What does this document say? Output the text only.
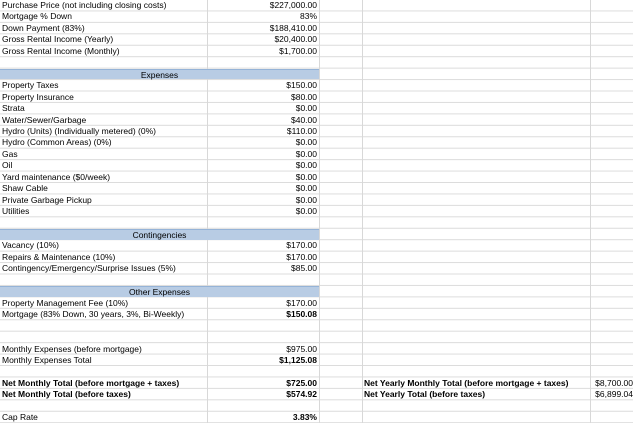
Purchase Price (not including closing costs)	$227,000.00
Mortgage % Down	83%
Down Payment (83%)	$188,410.00
Gross Rental Income (Yearly)	$20,400.00
Gross Rental Income (Monthly)	$1,700.00
Expenses
Property Taxes	$150.00
Property Insurance	$80.00
Strata	$0.00
Water/Sewer/Garbage	$40.00
Hydro (Units) (Individually metered) (0%)	$110.00
Hydro (Common Areas) (0%)	$0.00
Gas	$0.00
Oil	$0.00
Yard maintenance ($0/week)	$0.00
Shaw Cable	$0.00
Private Garbage Pickup	$0.00
Utilities	$0.00
Contingencies
Vacancy (10%)	$170.00
Repairs & Maintenance (10%)	$170.00
Contingency/Emergency/Surprise Issues (5%)	$85.00
Other Expenses
Property Management Fee (10%)	$170.00
Mortgage (83% Down, 30 years, 3%, Bi-Weekly)	$150.08
Monthly Expenses (before mortgage)	$975.00
Monthly Expenses Total	$1,125.08
Net Monthly Total (before mortgage + taxes)	$725.00	Net Yearly Monthly Total (before mortgage + taxes)	$8,700.00
Net Monthly Total (before taxes)	$574.92	Net Yearly Total (before taxes)	$6,899.04
Cap Rate	3.83%
